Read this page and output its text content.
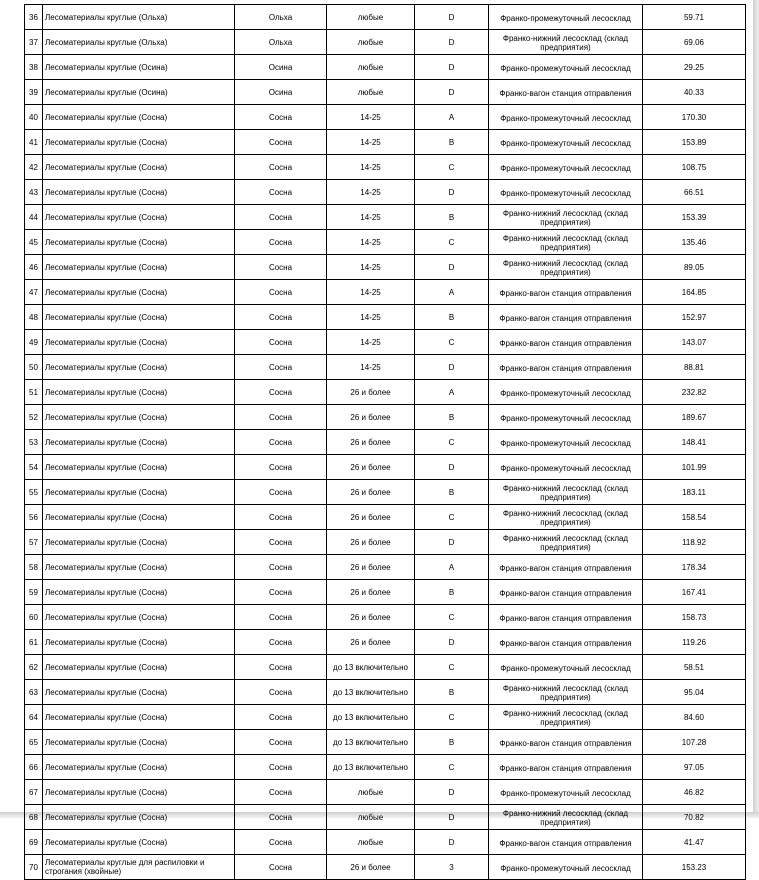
36	Лесоматериалы круглые (Ольха)	Ольха	любые	D	Франко-промежуточный лесосклад	59.71
37	Лесоматериалы круглые (Ольха)	Ольха	любые	D	Франко-нижний лесосклад (склад предприятия)	69.06
38	Лесоматериалы круглые (Осина)	Осина	любые	D	Франко-промежуточный лесосклад	29.25
39	Лесоматериалы круглые (Осина)	Осина	любые	D	Франко-вагон станция отправления	40.33
40	Лесоматериалы круглые (Сосна)	Сосна	14-25	A	Франко-промежуточный лесосклад	170.30
41	Лесоматериалы круглые (Сосна)	Сосна	14-25	B	Франко-промежуточный лесосклад	153.89
42	Лесоматериалы круглые (Сосна)	Сосна	14-25	C	Франко-промежуточный лесосклад	108.75
43	Лесоматериалы круглые (Сосна)	Сосна	14-25	D	Франко-промежуточный лесосклад	66.51
44	Лесоматериалы круглые (Сосна)	Сосна	14-25	B	Франко-нижний лесосклад (склад предприятия)	153.39
45	Лесоматериалы круглые (Сосна)	Сосна	14-25	C	Франко-нижний лесосклад (склад предприятия)	135.46
46	Лесоматериалы круглые (Сосна)	Сосна	14-25	D	Франко-нижний лесосклад (склад предприятия)	89.05
47	Лесоматериалы круглые (Сосна)	Сосна	14-25	A	Франко-вагон станция отправления	164.85
48	Лесоматериалы круглые (Сосна)	Сосна	14-25	B	Франко-вагон станция отправления	152.97
49	Лесоматериалы круглые (Сосна)	Сосна	14-25	C	Франко-вагон станция отправления	143.07
50	Лесоматериалы круглые (Сосна)	Сосна	14-25	D	Франко-вагон станция отправления	88.81
51	Лесоматериалы круглые (Сосна)	Сосна	26 и более	A	Франко-промежуточный лесосклад	232.82
52	Лесоматериалы круглые (Сосна)	Сосна	26 и более	B	Франко-промежуточный лесосклад	189.67
53	Лесоматериалы круглые (Сосна)	Сосна	26 и более	C	Франко-промежуточный лесосклад	148.41
54	Лесоматериалы круглые (Сосна)	Сосна	26 и более	D	Франко-промежуточный лесосклад	101.99
55	Лесоматериалы круглые (Сосна)	Сосна	26 и более	B	Франко-нижний лесосклад (склад предприятия)	183.11
56	Лесоматериалы круглые (Сосна)	Сосна	26 и более	C	Франко-нижний лесосклад (склад предприятия)	158.54
57	Лесоматериалы круглые (Сосна)	Сосна	26 и более	D	Франко-нижний лесосклад (склад предприятия)	118.92
58	Лесоматериалы круглые (Сосна)	Сосна	26 и более	A	Франко-вагон станция отправления	178.34
59	Лесоматериалы круглые (Сосна)	Сосна	26 и более	B	Франко-вагон станция отправления	167.41
60	Лесоматериалы круглые (Сосна)	Сосна	26 и более	C	Франко-вагон станция отправления	158.73
61	Лесоматериалы круглые (Сосна)	Сосна	26 и более	D	Франко-вагон станция отправления	119.26
62	Лесоматериалы круглые (Сосна)	Сосна	до 13 включительно	C	Франко-промежуточный лесосклад	58.51
63	Лесоматериалы круглые (Сосна)	Сосна	до 13 включительно	B	Франко-нижний лесосклад (склад предприятия)	95.04
64	Лесоматериалы круглые (Сосна)	Сосна	до 13 включительно	C	Франко-нижний лесосклад (склад предприятия)	84.60
65	Лесоматериалы круглые (Сосна)	Сосна	до 13 включительно	B	Франко-вагон станция отправления	107.28
66	Лесоматериалы круглые (Сосна)	Сосна	до 13 включительно	C	Франко-вагон станция отправления	97.05
67	Лесоматериалы круглые (Сосна)	Сосна	любые	D	Франко-промежуточный лесосклад	46.82
68	Лесоматериалы круглые (Сосна)	Сосна	любые	D	Франко-нижний лесосклад (склад предприятия)	70.82
69	Лесоматериалы круглые (Сосна)	Сосна	любые	D	Франко-вагон станция отправления	41.47
70	Лесоматериалы круглые для распиловки и строгания (хвойные)	Сосна	26 и более	3	Франко-промежуточный лесосклад	153.23
